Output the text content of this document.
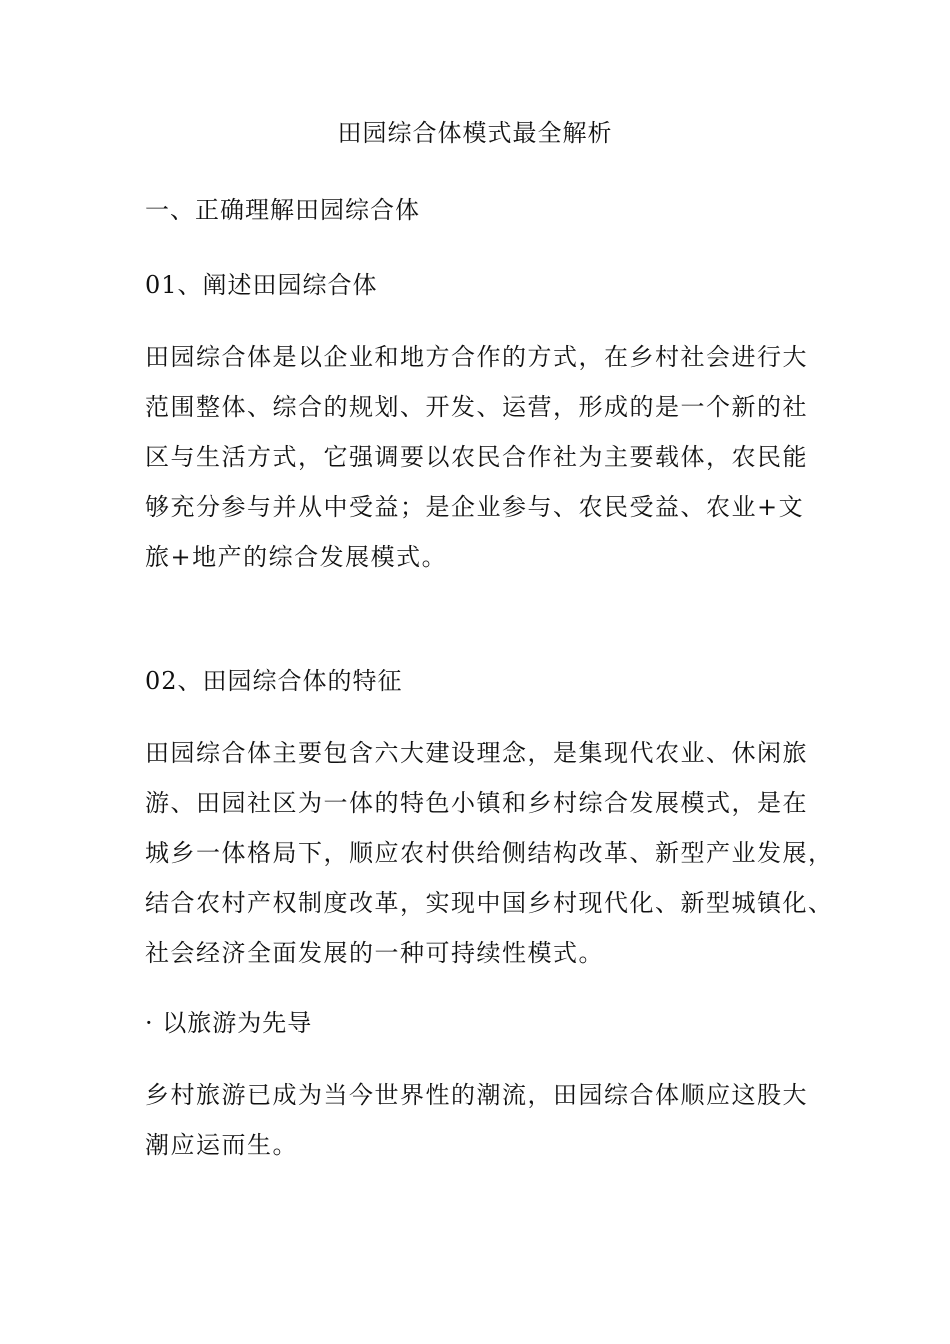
田园综合体模式最全解析
一、正确理解田园综合体
01、阐述田园综合体
田园综合体是以企业和地方合作的方式，在乡村社会进行大
范围整体、综合的规划、开发、运营，形成的是一个新的社
区与生活方式，它强调要以农民合作社为主要载体，农民能
够充分参与并从中受益；是企业参与、农民受益、农业+文
旅+地产的综合发展模式。
02、田园综合体的特征
田园综合体主要包含六大建设理念，是集现代农业、休闲旅
游、田园社区为一体的特色小镇和乡村综合发展模式，是在
城乡一体格局下，顺应农村供给侧结构改革、新型产业发展，
结合农村产权制度改革，实现中国乡村现代化、新型城镇化、
社会经济全面发展的一种可持续性模式。
· 以旅游为先导
乡村旅游已成为当今世界性的潮流，田园综合体顺应这股大
潮应运而生。
